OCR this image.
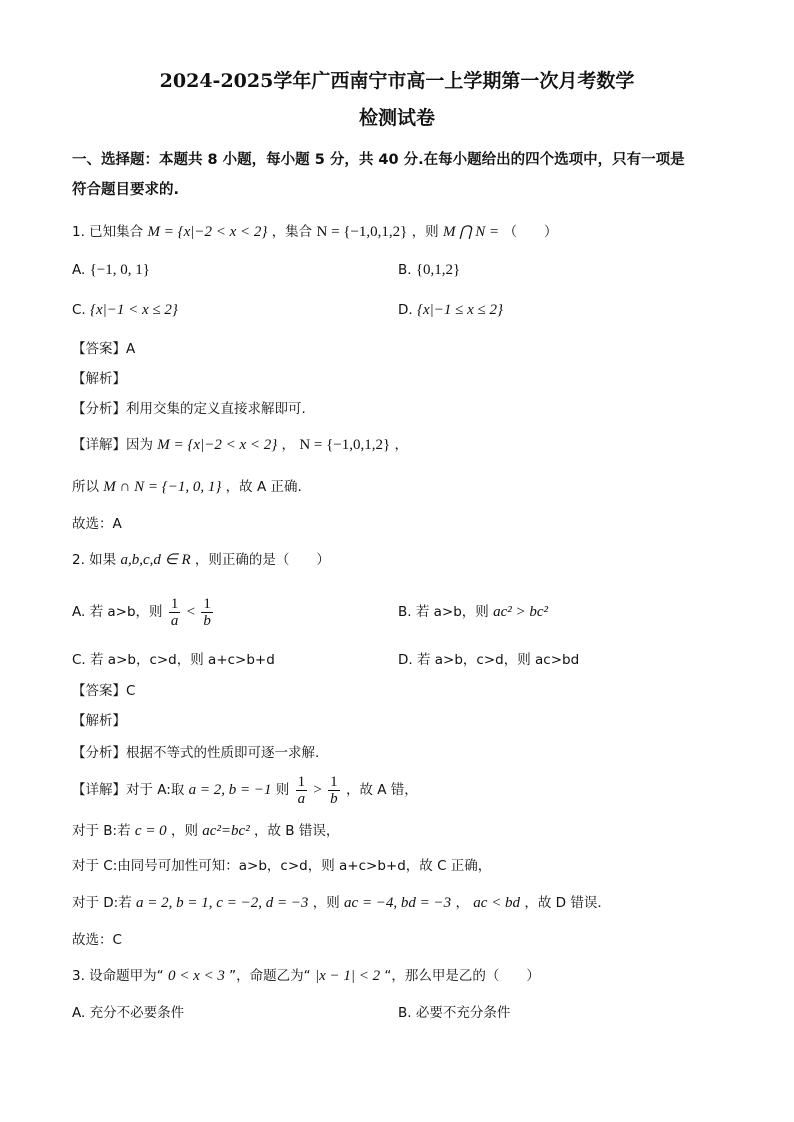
2024-2025学年广西南宁市高一上学期第一次月考数学
检测试卷
一、选择题：本题共 8 小题，每小题 5 分，共 40 分.在每小题给出的四个选项中，只有一项是
符合题目要求的.
1. 已知集合 M = {x|−2 < x < 2} ，集合 N = {−1,0,1,2} ，则 M ⋂ N = （　　）
A. {−1, 0, 1}	B. {0,1,2}
C. {x|−1 < x ≤ 2}	D. {x|−1 ≤ x ≤ 2}
【答案】A
【解析】
【分析】利用交集的定义直接求解即可.
【详解】因为 M = {x|−2 < x < 2} ， N = {−1,0,1,2} ，
所以 M ∩ N = {−1, 0, 1} ，故 A 正确.
故选：A
2. 如果 a,b,c,d ∈ R ，则正确的是（　　）
A. 若 a>b，则 $\frac{1}{a} < \frac{1}{b}$	B. 若 a>b，则 ac² > bc²
C. 若 a>b，c>d，则 a+c>b+d	D. 若 a>b，c>d，则 ac>bd
【答案】C
【解析】
【分析】根据不等式的性质即可逐一求解.
【详解】对于 A:取 a = 2, b = −1 则 $\frac{1}{a} > \frac{1}{b}$ ，故 A 错，
对于 B:若 c = 0 ，则 ac²=bc² ，故 B 错误，
对于 C:由同号可加性可知：a>b，c>d，则 a+c>b+d，故 C 正确，
对于 D:若 a = 2, b = 1, c = −2, d = −3 ，则 ac = −4, bd = −3 ， ac < bd ，故 D 错误.
故选：C
3. 设命题甲为“ 0 < x < 3 ”，命题乙为“ |x − 1| < 2 “，那么甲是乙的（　　）
A. 充分不必要条件	B. 必要不充分条件
